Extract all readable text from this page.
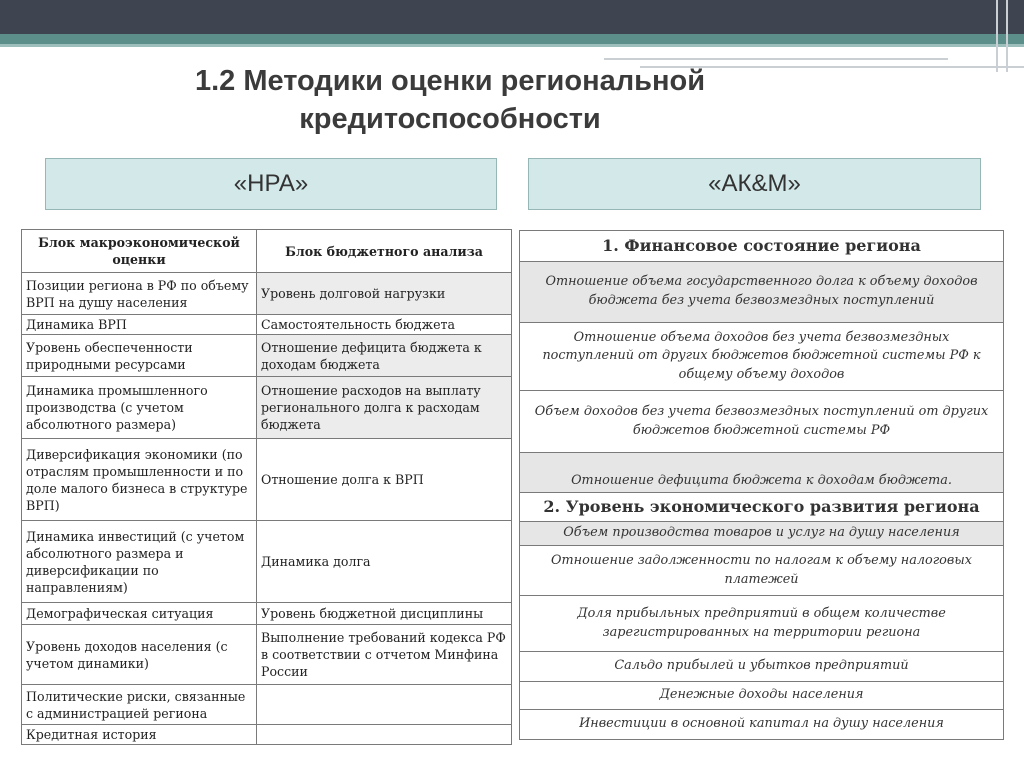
1.2 Методики оценки региональной
кредитоспособности
«НРА»	«АК&М»
Блок макроэкономической оценки	Блок бюджетного анализа
Позиции региона в РФ по объему ВРП на душу населения	Уровень долговой нагрузки
Динамика ВРП	Самостоятельность бюджета
Уровень обеспеченности природными ресурсами	Отношение дефицита бюджета к доходам бюджета
Динамика промышленного производства (с учетом абсолютного размера)	Отношение расходов на выплату регионального долга к расходам бюджета
Диверсификация экономики (по отраслям промышленности и по доле малого бизнеса в структуре ВРП)	Отношение долга к ВРП
Динамика инвестиций (с учетом абсолютного размера и диверсификации по направлениям)	Динамика долга
Демографическая ситуация	Уровень бюджетной дисциплины
Уровень доходов населения (с учетом динамики)	Выполнение требований кодекса РФ в соответствии с отчетом Минфина России
Политические риски, связанные с администрацией региона	
Кредитная история	
1. Финансовое состояние региона
Отношение объема государственного долга к объему доходов бюджета без учета безвозмездных поступлений
Отношение объема доходов без учета безвозмездных поступлений от других бюджетов бюджетной системы РФ к общему объему доходов
Объем доходов без учета безвозмездных поступлений от других бюджетов бюджетной системы РФ
Отношение дефицита бюджета к доходам бюджета.
2. Уровень экономического развития региона
Объем производства товаров и услуг на душу населения
Отношение задолженности по налогам к объему налоговых платежей
Доля прибыльных предприятий в общем количестве зарегистрированных на территории региона
Сальдо прибылей и убытков предприятий
Денежные доходы населения
Инвестиции в основной капитал на душу населения
